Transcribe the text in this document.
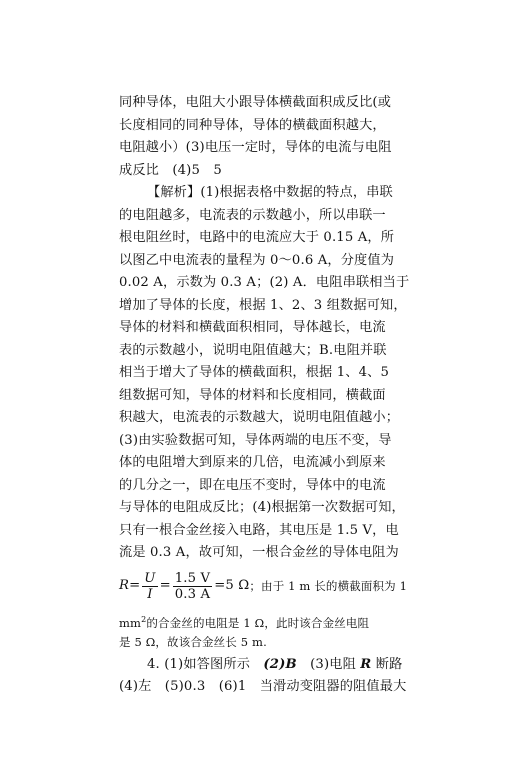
同种导体，电阻大小跟导体横截面积成反比(或
长度相同的同种导体，导体的横截面积越大，
电阻越小）(3)电压一定时，导体的电流与电阻
成反比　(4)5　5
【解析】(1)根据表格中数据的特点，串联
的电阻越多，电流表的示数越小，所以串联一
根电阻丝时，电路中的电流应大于 0.15 A，所
以图乙中电流表的量程为 0～0.6 A，分度值为
0.02 A，示数为 0.3 A；(2) A．电阻串联相当于
增加了导体的长度，根据 1、2、3 组数据可知，
导体的材料和横截面积相同，导体越长，电流
表的示数越小，说明电阻值越大；B.电阻并联
相当于增大了导体的横截面积，根据 1、4、5
组数据可知，导体的材料和长度相同，横截面
积越大，电流表的示数越大，说明电阻值越小；
(3)由实验数据可知，导体两端的电压不变，导
体的电阻增大到原来的几倍，电流减小到原来
的几分之一，即在电压不变时，导体中的电流
与导体的电阻成反比；(4)根据第一次数据可知，
只有一根合金丝接入电路，其电压是 1.5 V，电
流是 0.3 A，故可知，一根合金丝的导体电阻为
$R = \frac{U}{I} = \frac{1.5 V}{0.3 A} =5$ Ω ；由于 1 m 长的横截面积为 1
$mm^2$的合金丝的电阻是 1 Ω，此时该合金丝电阻
是 5 Ω，故该合金丝长 5 m.
4. (1)如答图所示　(2)B　(3)电阻 R 断路
(4)左　(5)0.3　(6)1　当滑动变阻器的阻值最大
